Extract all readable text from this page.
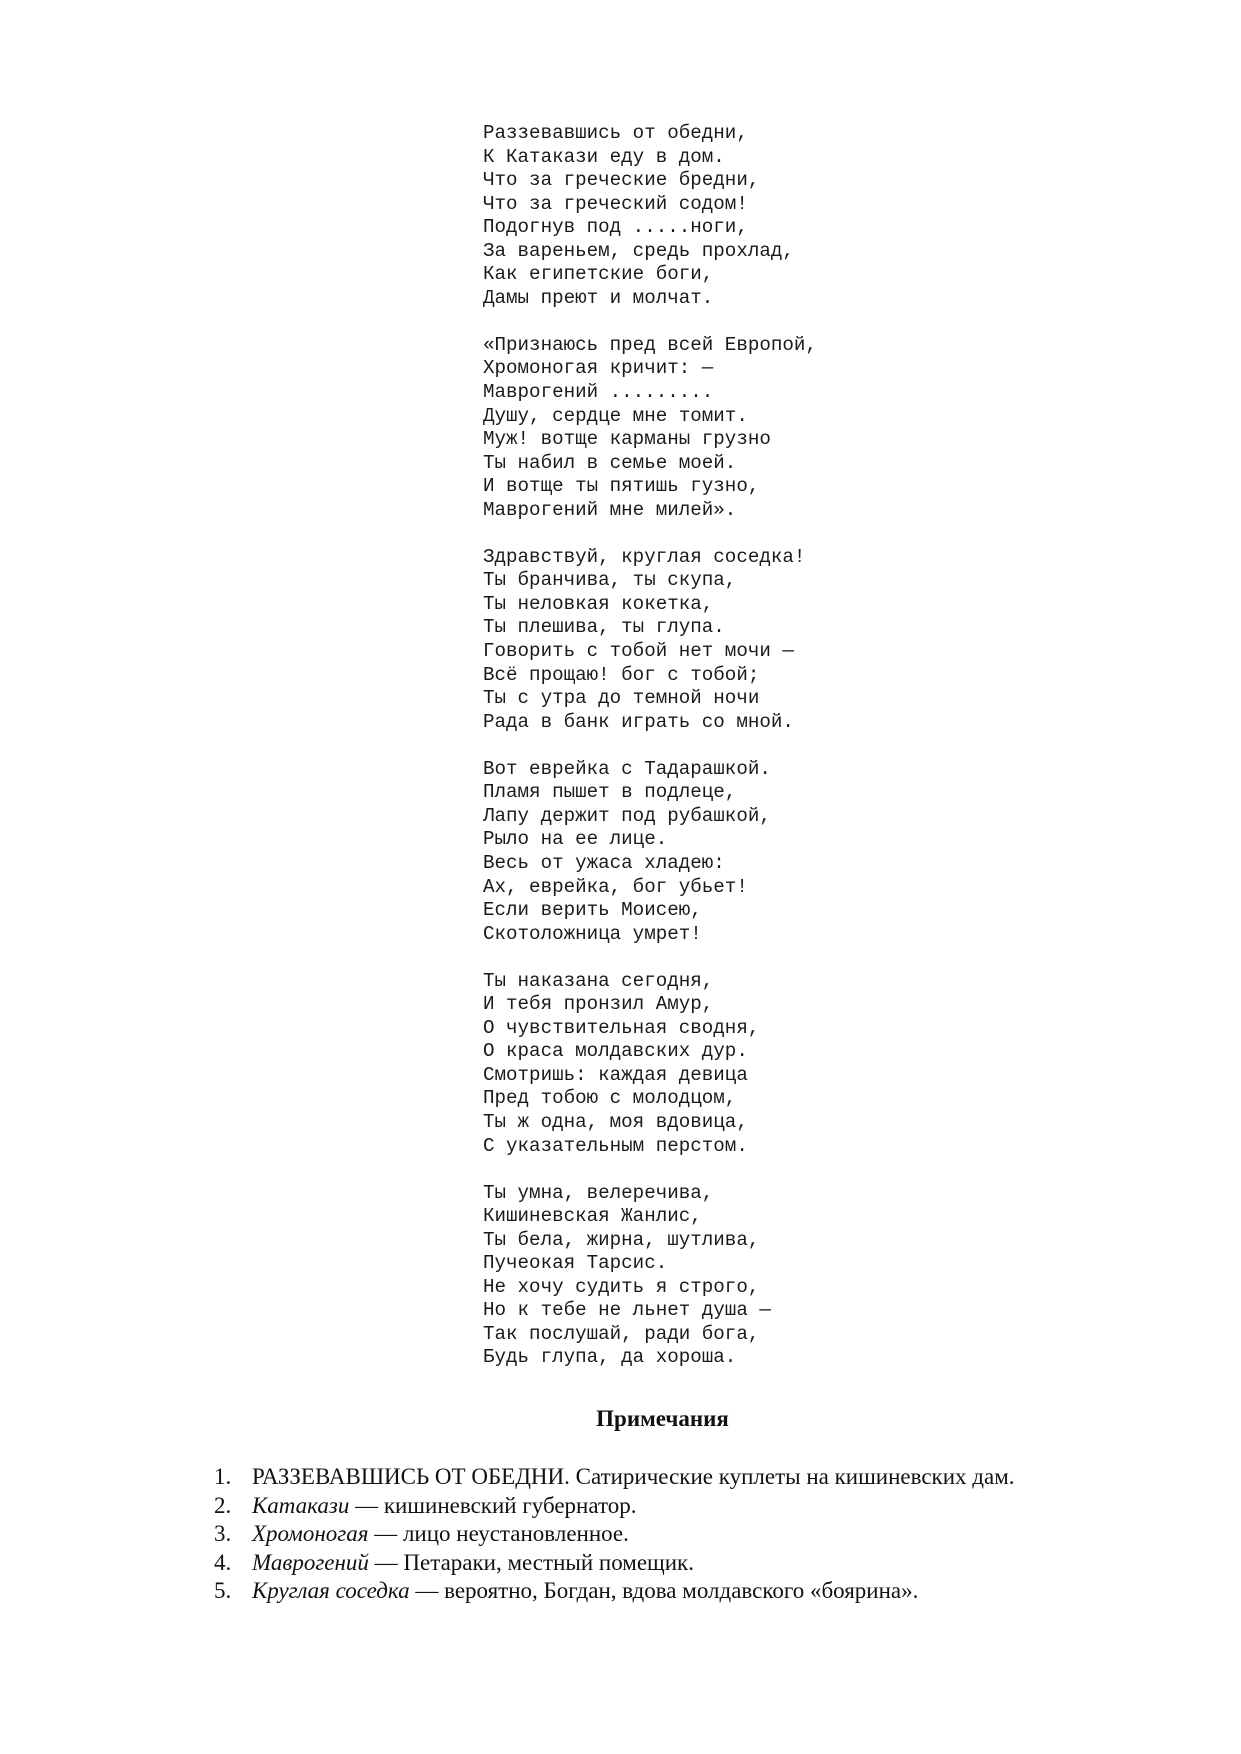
Раззевавшись от обедни,
К Катакази еду в дом.
Что за греческие бредни,
Что за греческий содом!
Подогнув под .....ноги,
За вареньем, средь прохлад,
Как египетские боги,
Дамы преют и молчат.
«Признаюсь пред всей Европой,
Хромоногая кричит: —
Маврогений .........
Душу, сердце мне томит.
Муж! вотще карманы грузно
Ты набил в семье моей.
И вотще ты пятишь гузно,
Маврогений мне милей».
Здравствуй, круглая соседка!
Ты бранчива, ты скупа,
Ты неловкая кокетка,
Ты плешива, ты глупа.
Говорить с тобой нет мочи —
Всё прощаю! бог с тобой;
Ты с утра до темной ночи
Рада в банк играть со мной.
Вот еврейка с Тадарашкой.
Пламя пышет в подлеце,
Лапу держит под рубашкой,
Рыло на ее лице.
Весь от ужаса хладею:
Ах, еврейка, бог убьет!
Если верить Моисею,
Скотоложница умрет!
Ты наказана сегодня,
И тебя пронзил Амур,
О чувствительная сводня,
О краса молдавских дур.
Смотришь: каждая девица
Пред тобою с молодцом,
Ты ж одна, моя вдовица,
С указательным перстом.
Ты умна, велеречива,
Кишиневская Жанлис,
Ты бела, жирна, шутлива,
Пучеокая Тарсис.
Не хочу судить я строго,
Но к тебе не льнет душа —
Так послушай, ради бога,
Будь глупа, да хороша.
Примечания
1. РАЗЗЕВАВШИСЬ ОТ ОБЕДНИ. Сатирические куплеты на кишиневских дам.
2. Катакази — кишиневский губернатор.
3. Хромоногая — лицо неустановленное.
4. Маврогений — Петараки, местный помещик.
5. Круглая соседка — вероятно, Богдан, вдова молдавского «боярина».
